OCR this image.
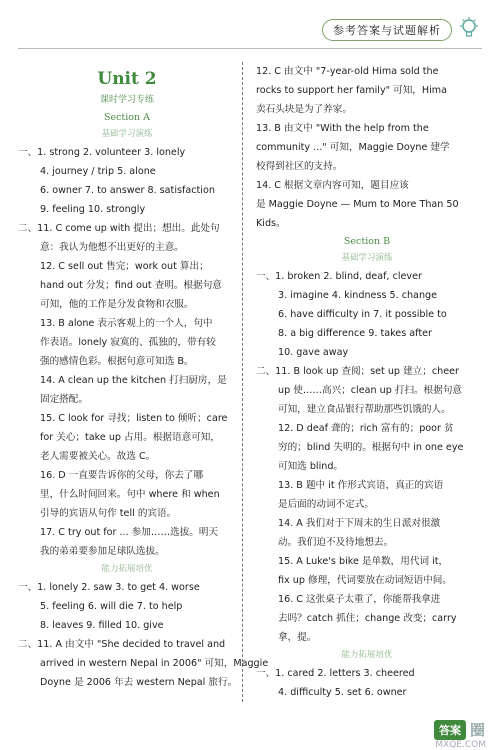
参考答案与试题解析
Unit 2
课时学习专练
Section A
基础学习演练
一、1. strong 2. volunteer 3. lonely
4. journey / trip 5. alone
6. owner 7. to answer 8. satisfaction
9. feeling 10. strongly
二、11. C come up with 提出；想出。此处句
意：我认为他想不出更好的主意。
12. C sell out 售完；work out 算出；
hand out 分发；find out 查明。根据句意
可知，他的工作是分发食物和衣服。
13. B alone 表示客观上的一个人，句中
作表语。lonely 寂寞的、孤独的，带有较
强的感情色彩。根据句意可知选 B。
14. A clean up the kitchen 打扫厨房，是
固定搭配。
15. C look for 寻找；listen to 倾听；care
for 关心；take up 占用。根据语意可知，
老人需要被关心。故选 C。
16. D 一直要告诉你的父母，你去了哪
里，什么时间回来。句中 where 和 when
引导的宾语从句作 tell 的宾语。
17. C try out for ... 参加……选拔。明天
我的弟弟要参加足球队选拔。
能力拓展培优
一、1. lonely 2. saw 3. to get 4. worse
5. feeling 6. will die 7. to help
8. leaves 9. filled 10. give
二、11. A 由文中 "She decided to travel and
arrived in western Nepal in 2006" 可知，Maggie
Doyne 是 2006 年去 western Nepal 旅行。
12. C 由文中 "7-year-old Hima sold the
rocks to support her family" 可知，Hima
卖石头块是为了养家。
13. B 由文中 "With the help from the
community ..." 可知，Maggie Doyne 建学
校得到社区的支持。
14. C 根据文章内容可知，题目应该
是 Maggie Doyne — Mum to More Than 50
Kids。
Section B
基础学习演练
一、1. broken 2. blind, deaf, clever
3. imagine 4. kindness 5. change
6. have difficulty in 7. it possible to
8. a big difference 9. takes after
10. gave away
二、11. B look up 查阅；set up 建立；cheer
up 使……高兴；clean up 打扫。根据句意
可知，建立食品银行帮助那些饥饿的人。
12. D deaf 聋的；rich 富有的；poor 贫
穷的；blind 失明的。根据句中 in one eye
可知选 blind。
13. B 题中 it 作形式宾语，真正的宾语
是后面的动词不定式。
14. A 我们对于下周末的生日派对很激
动。我们迫不及待地想去。
15. A Luke's bike 是单数，用代词 it，
fix up 修理，代词要放在动词短语中间。
16. C 这张桌子太重了，你能帮我拿进
去吗？catch 抓住；change 改变；carry
拿，提。
能力拓展培优
一、1. cared 2. letters 3. cheered
4. difficulty 5. set 6. owner
答案 圈
MXQE.COM
